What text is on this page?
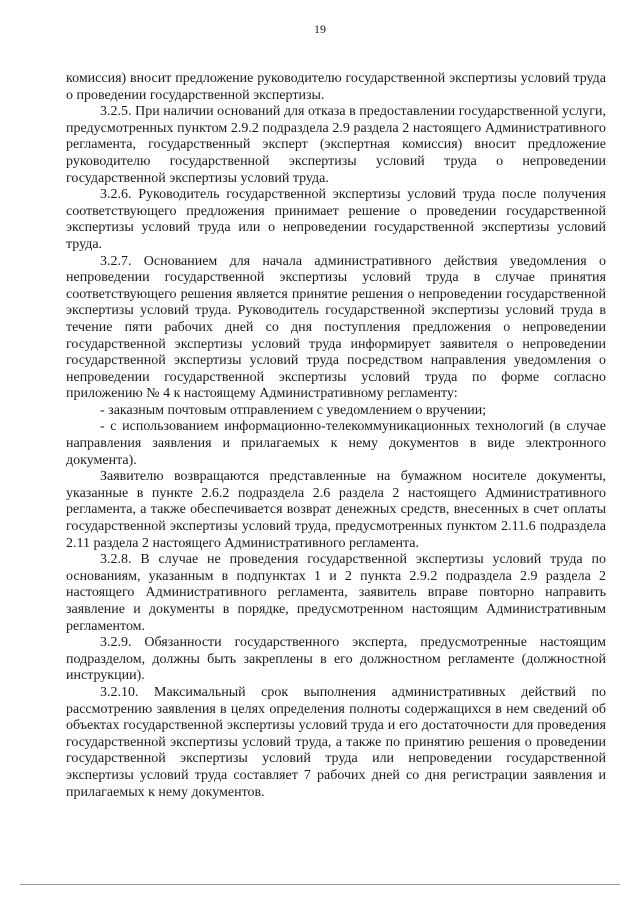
19

комиссия) вносит предложение руководителю государственной экспертизы условий труда о проведении государственной экспертизы.

3.2.5. При наличии оснований для отказа в предоставлении государственной услуги, предусмотренных пунктом 2.9.2 подраздела 2.9 раздела 2 настоящего Административного регламента, государственный эксперт (экспертная комиссия) вносит предложение руководителю государственной экспертизы условий труда о непроведении государственной экспертизы условий труда.

3.2.6. Руководитель государственной экспертизы условий труда после получения соответствующего предложения принимает решение о проведении государственной экспертизы условий труда или о непроведении государственной экспертизы условий труда.

3.2.7. Основанием для начала административного действия уведомления о непроведении государственной экспертизы условий труда в случае принятия соответствующего решения является принятие решения о непроведении государственной экспертизы условий труда. Руководитель государственной экспертизы условий труда в течение пяти рабочих дней со дня поступления предложения о непроведении государственной экспертизы условий труда информирует заявителя о непроведении государственной экспертизы условий труда посредством направления уведомления о непроведении государственной экспертизы условий труда по форме согласно приложению № 4 к настоящему Административному регламенту:

- заказным почтовым отправлением с уведомлением о вручении;

- с использованием информационно-телекоммуникационных технологий (в случае направления заявления и прилагаемых к нему документов в виде электронного документа).

Заявителю возвращаются представленные на бумажном носителе документы, указанные в пункте 2.6.2 подраздела 2.6 раздела 2 настоящего Административного регламента, а также обеспечивается возврат денежных средств, внесенных в счет оплаты государственной экспертизы условий труда, предусмотренных пунктом 2.11.6 подраздела 2.11 раздела 2 настоящего Административного регламента.

3.2.8. В случае не проведения государственной экспертизы условий труда по основаниям, указанным в подпунктах 1 и 2 пункта 2.9.2 подраздела 2.9 раздела 2 настоящего Административного регламента, заявитель вправе повторно направить заявление и документы в порядке, предусмотренном настоящим Административным регламентом.

3.2.9. Обязанности государственного эксперта, предусмотренные настоящим подразделом, должны быть закреплены в его должностном регламенте (должностной инструкции).

3.2.10. Максимальный срок выполнения административных действий по рассмотрению заявления в целях определения полноты содержащихся в нем сведений об объектах государственной экспертизы условий труда и его достаточности для проведения государственной экспертизы условий труда, а также по принятию решения о проведении государственной экспертизы условий труда или непроведении государственной экспертизы условий труда составляет 7 рабочих дней со дня регистрации заявления и прилагаемых к нему документов.
